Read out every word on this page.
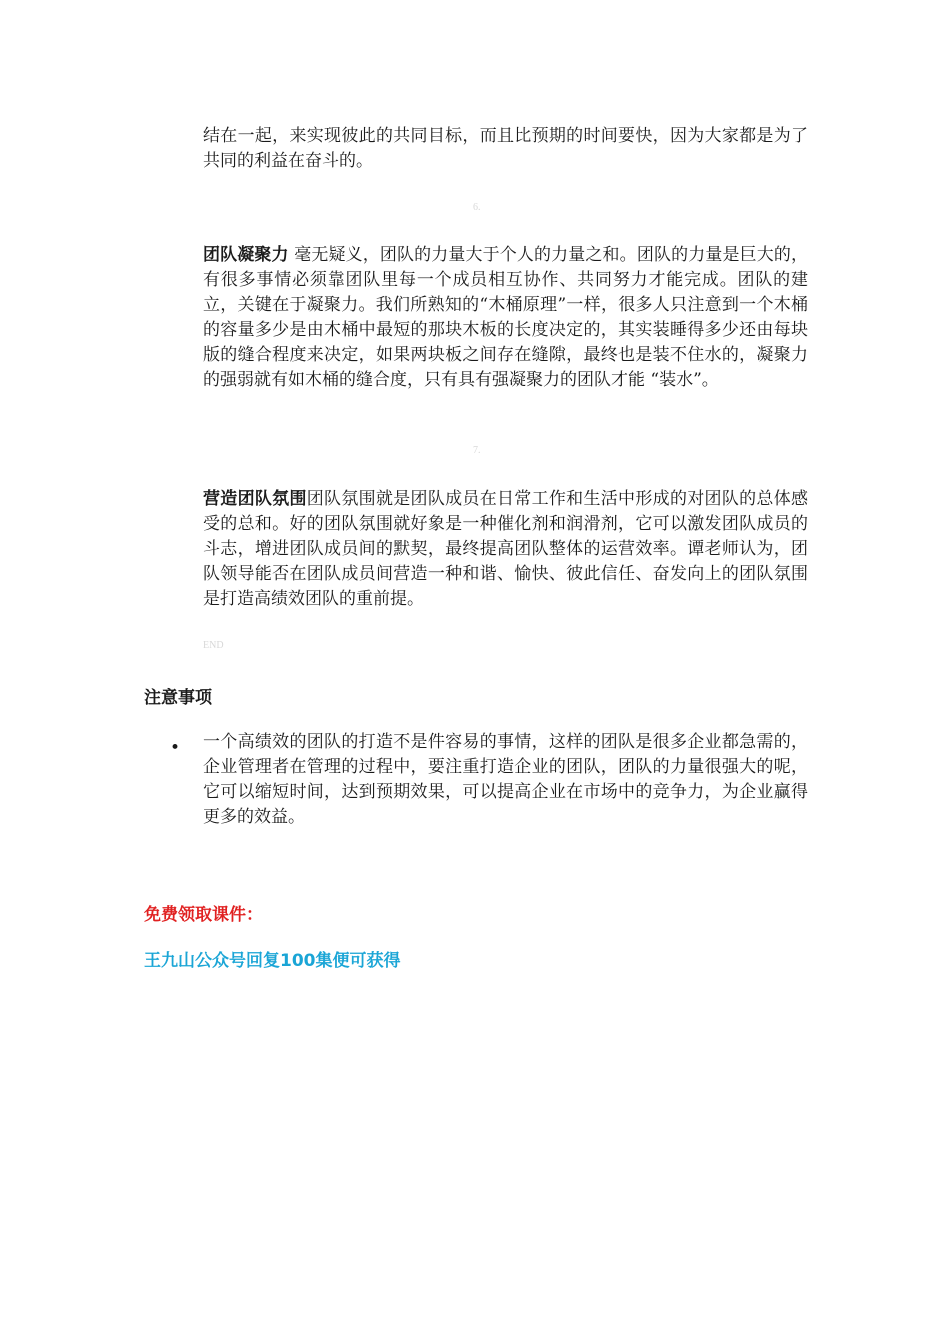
结在一起，来实现彼此的共同目标，而且比预期的时间要快，因为大家都是为了共同的利益在奋斗的。

6.

团队凝聚力 毫无疑义，团队的力量大于个人的力量之和。团队的力量是巨大的，有很多事情必须靠团队里每一个成员相互协作、共同努力才能完成。团队的建立，关键在于凝聚力。我们所熟知的“木桶原理”一样，很多人只注意到一个木桶的容量多少是由木桶中最短的那块木板的长度决定的，其实装睡得多少还由每块版的缝合程度来决定，如果两块板之间存在缝隙，最终也是装不住水的，凝聚力的强弱就有如木桶的缝合度，只有具有强凝聚力的团队才能 “装水”。

7.

营造团队氛围团队氛围就是团队成员在日常工作和生活中形成的对团队的总体感受的总和。好的团队氛围就好象是一种催化剂和润滑剂，它可以激发团队成员的斗志，增进团队成员间的默契，最终提高团队整体的运营效率。谭老师认为，团队领导能否在团队成员间营造一种和谐、愉快、彼此信任、奋发向上的团队氛围是打造高绩效团队的重前提。

END
注意事项
• 一个高绩效的团队的打造不是件容易的事情，这样的团队是很多企业都急需的，企业管理者在管理的过程中，要注重打造企业的团队，团队的力量很强大的呢，它可以缩短时间，达到预期效果，可以提高企业在市场中的竞争力，为企业赢得更多的效益。

免费领取课件：
王九山公众号回复100集便可获得
